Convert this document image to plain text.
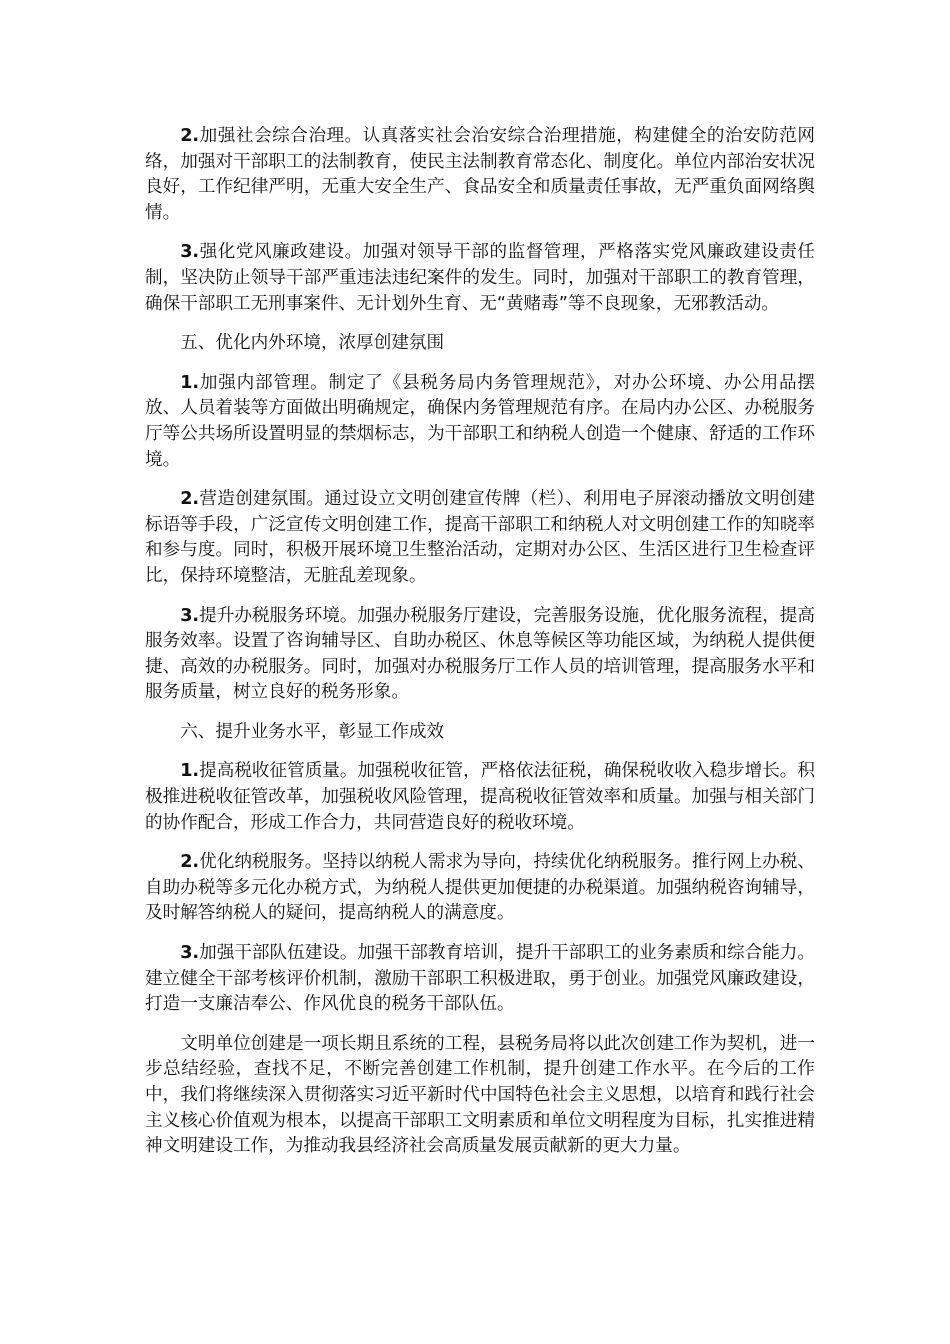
2.加强社会综合治理。认真落实社会治安综合治理措施，构建健全的治安防范网络，加强对干部职工的法制教育，使民主法制教育常态化、制度化。单位内部治安状况良好，工作纪律严明，无重大安全生产、食品安全和质量责任事故，无严重负面网络舆情。

3.强化党风廉政建设。加强对领导干部的监督管理，严格落实党风廉政建设责任制，坚决防止领导干部严重违法违纪案件的发生。同时，加强对干部职工的教育管理，确保干部职工无刑事案件、无计划外生育、无“黄赌毒”等不良现象，无邪教活动。

五、优化内外环境，浓厚创建氛围

1.加强内部管理。制定了《县税务局内务管理规范》，对办公环境、办公用品摆放、人员着装等方面做出明确规定，确保内务管理规范有序。在局内办公区、办税服务厅等公共场所设置明显的禁烟标志，为干部职工和纳税人创造一个健康、舒适的工作环境。

2.营造创建氛围。通过设立文明创建宣传牌（栏）、利用电子屏滚动播放文明创建标语等手段，广泛宣传文明创建工作，提高干部职工和纳税人对文明创建工作的知晓率和参与度。同时，积极开展环境卫生整治活动，定期对办公区、生活区进行卫生检查评比，保持环境整洁，无脏乱差现象。

3.提升办税服务环境。加强办税服务厅建设，完善服务设施，优化服务流程，提高服务效率。设置了咨询辅导区、自助办税区、休息等候区等功能区域，为纳税人提供便捷、高效的办税服务。同时，加强对办税服务厅工作人员的培训管理，提高服务水平和服务质量，树立良好的税务形象。

六、提升业务水平，彰显工作成效

1.提高税收征管质量。加强税收征管，严格依法征税，确保税收收入稳步增长。积极推进税收征管改革，加强税收风险管理，提高税收征管效率和质量。加强与相关部门的协作配合，形成工作合力，共同营造良好的税收环境。

2.优化纳税服务。坚持以纳税人需求为导向，持续优化纳税服务。推行网上办税、自助办税等多元化办税方式，为纳税人提供更加便捷的办税渠道。加强纳税咨询辅导，及时解答纳税人的疑问，提高纳税人的满意度。

3.加强干部队伍建设。加强干部教育培训，提升干部职工的业务素质和综合能力。建立健全干部考核评价机制，激励干部职工积极进取，勇于创业。加强党风廉政建设，打造一支廉洁奉公、作风优良的税务干部队伍。

文明单位创建是一项长期且系统的工程，县税务局将以此次创建工作为契机，进一步总结经验，查找不足，不断完善创建工作机制，提升创建工作水平。在今后的工作中，我们将继续深入贯彻落实习近平新时代中国特色社会主义思想，以培育和践行社会主义核心价值观为根本，以提高干部职工文明素质和单位文明程度为目标，扎实推进精神文明建设工作，为推动我县经济社会高质量发展贡献新的更大力量。
